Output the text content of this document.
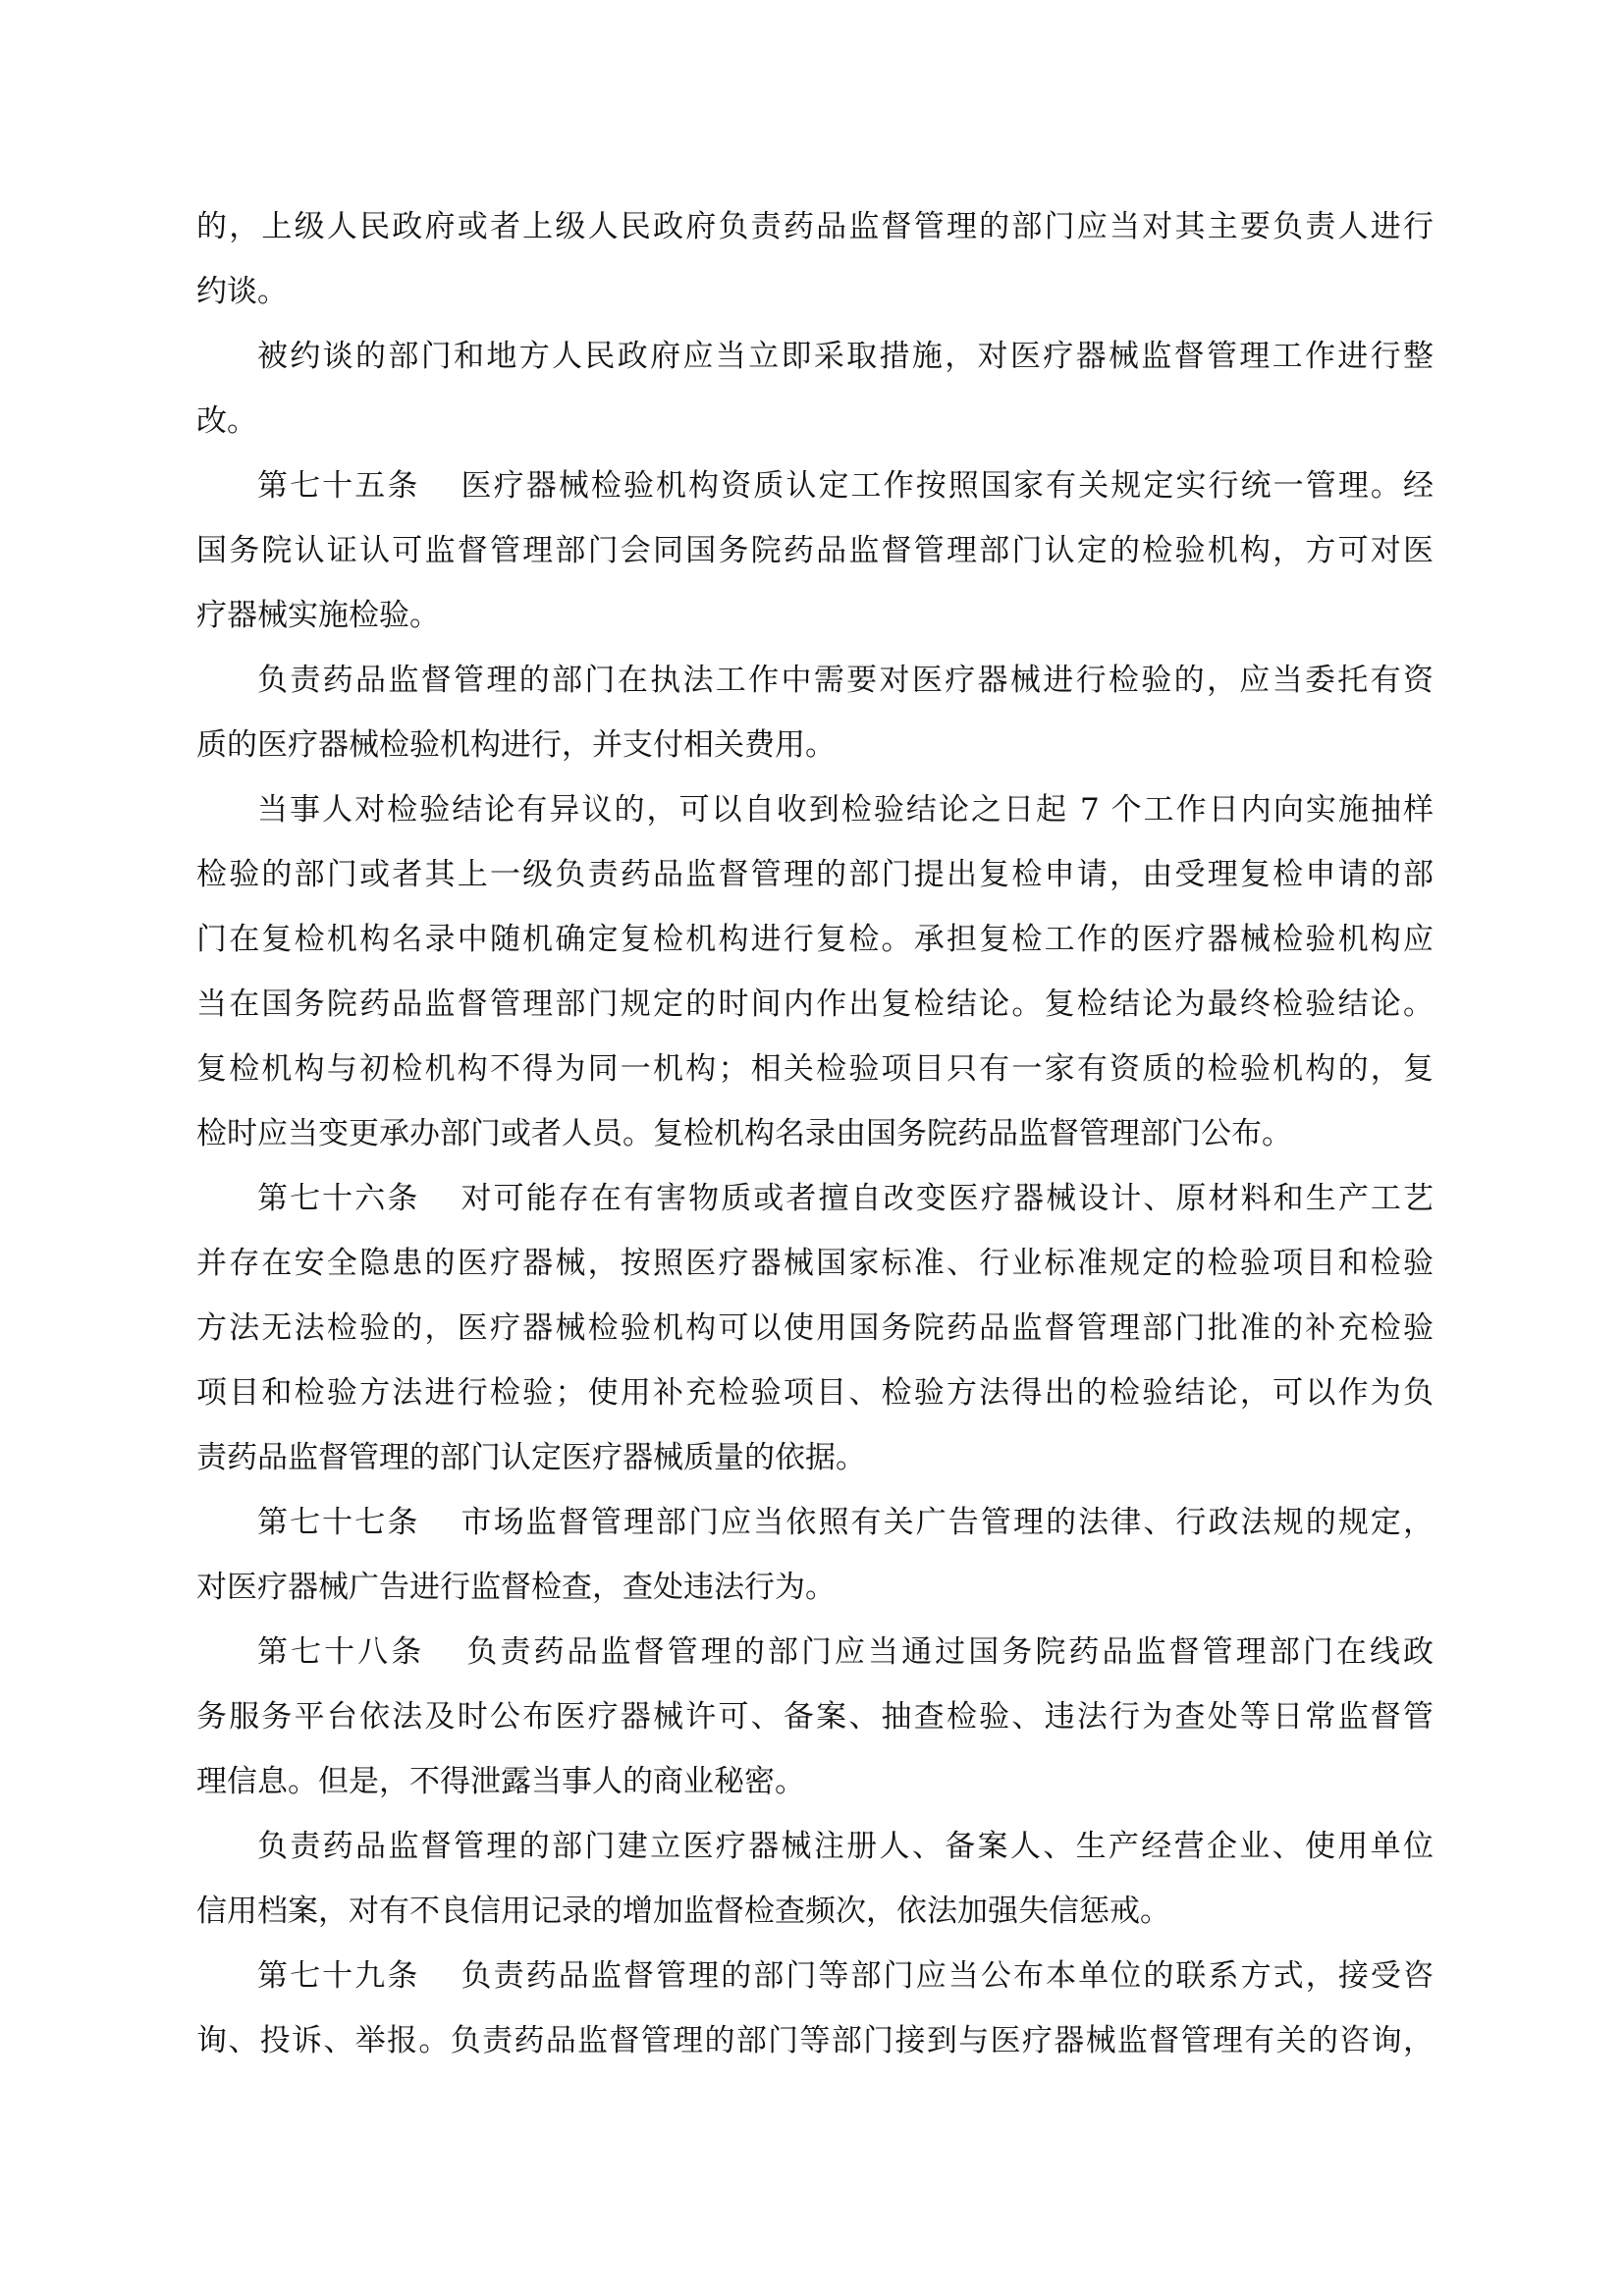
的，上级人民政府或者上级人民政府负责药品监督管理的部门应当对其主要负责人进行
约谈。
被约谈的部门和地方人民政府应当立即采取措施，对医疗器械监督管理工作进行整
改。
第七十五条 医疗器械检验机构资质认定工作按照国家有关规定实行统一管理。经
国务院认证认可监督管理部门会同国务院药品监督管理部门认定的检验机构，方可对医
疗器械实施检验。
负责药品监督管理的部门在执法工作中需要对医疗器械进行检验的，应当委托有资
质的医疗器械检验机构进行，并支付相关费用。
当事人对检验结论有异议的，可以自收到检验结论之日起 7 个工作日内向实施抽样
检验的部门或者其上一级负责药品监督管理的部门提出复检申请，由受理复检申请的部
门在复检机构名录中随机确定复检机构进行复检。承担复检工作的医疗器械检验机构应
当在国务院药品监督管理部门规定的时间内作出复检结论。复检结论为最终检验结论。
复检机构与初检机构不得为同一机构；相关检验项目只有一家有资质的检验机构的，复
检时应当变更承办部门或者人员。复检机构名录由国务院药品监督管理部门公布。
第七十六条 对可能存在有害物质或者擅自改变医疗器械设计、原材料和生产工艺
并存在安全隐患的医疗器械，按照医疗器械国家标准、行业标准规定的检验项目和检验
方法无法检验的，医疗器械检验机构可以使用国务院药品监督管理部门批准的补充检验
项目和检验方法进行检验；使用补充检验项目、检验方法得出的检验结论，可以作为负
责药品监督管理的部门认定医疗器械质量的依据。
第七十七条 市场监督管理部门应当依照有关广告管理的法律、行政法规的规定，
对医疗器械广告进行监督检查，查处违法行为。
第七十八条 负责药品监督管理的部门应当通过国务院药品监督管理部门在线政
务服务平台依法及时公布医疗器械许可、备案、抽查检验、违法行为查处等日常监督管
理信息。但是，不得泄露当事人的商业秘密。
负责药品监督管理的部门建立医疗器械注册人、备案人、生产经营企业、使用单位
信用档案，对有不良信用记录的增加监督检查频次，依法加强失信惩戒。
第七十九条 负责药品监督管理的部门等部门应当公布本单位的联系方式，接受咨
询、投诉、举报。负责药品监督管理的部门等部门接到与医疗器械监督管理有关的咨询，
